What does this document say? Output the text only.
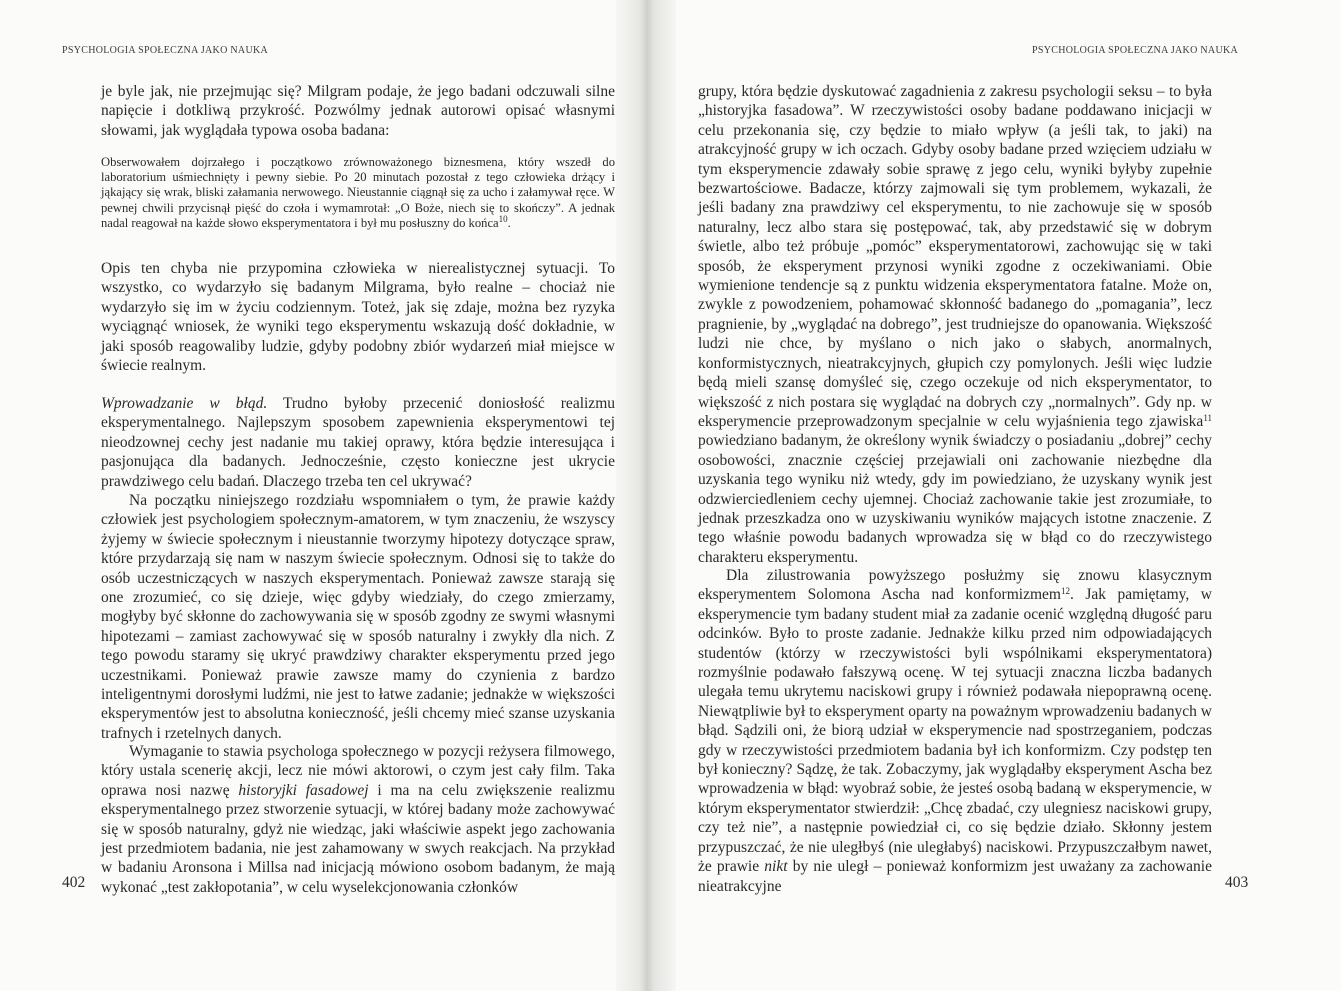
PSYCHOLOGIA SPOŁECZNA JAKO NAUKA

je byle jak, nie przejmując się? Milgram podaje, że jego badani odczuwali silne napięcie i dotkliwą przykrość. Pozwólmy jednak autorowi opisać własnymi słowami, jak wyglądała typowa osoba badana:

Obserwowałem dojrzałego i początkowo zrównoważonego biznesmena, który wszedł do laboratorium uśmiechnięty i pewny siebie. Po 20 minutach pozostał z tego człowieka drżący i jąkający się wrak, bliski załamania nerwowego. Nieustannie ciągnął się za ucho i załamywał ręce. W pewnej chwili przycisnął pięść do czoła i wymamrotał: „O Boże, niech się to skończy”. A jednak nadal reagował na każde słowo eksperymentatora i był mu posłuszny do końca$^{10}$.

Opis ten chyba nie przypomina człowieka w nierealistycznej sytuacji. To wszystko, co wydarzyło się badanym Milgrama, było realne – chociaż nie wydarzyło się im w życiu codziennym. Toteż, jak się zdaje, można bez ryzyka wyciągnąć wniosek, że wyniki tego eksperymentu wskazują dość dokładnie, w jaki sposób reagowaliby ludzie, gdyby podobny zbiór wydarzeń miał miejsce w świecie realnym.

Wprowadzanie w błąd. Trudno byłoby przecenić doniosłość realizmu eksperymentalnego. Najlepszym sposobem zapewnienia eksperymentowi tej nieodzownej cechy jest nadanie mu takiej oprawy, która będzie interesująca i pasjonująca dla badanych. Jednocześnie, często konieczne jest ukrycie prawdziwego celu badań. Dlaczego trzeba ten cel ukrywać?

Na początku niniejszego rozdziału wspomniałem o tym, że prawie każdy człowiek jest psychologiem społecznym-amatorem, w tym znaczeniu, że wszyscy żyjemy w świecie społecznym i nieustannie tworzymy hipotezy dotyczące spraw, które przydarzają się nam w naszym świecie społecznym. Odnosi się to także do osób uczestniczących w naszych eksperymentach. Ponieważ zawsze starają się one zrozumieć, co się dzieje, więc gdyby wiedziały, do czego zmierzamy, mogłyby być skłonne do zachowywania się w sposób zgodny ze swymi własnymi hipotezami – zamiast zachowywać się w sposób naturalny i zwykły dla nich. Z tego powodu staramy się ukryć prawdziwy charakter eksperymentu przed jego uczestnikami. Ponieważ prawie zawsze mamy do czynienia z bardzo inteligentnymi dorosłymi ludźmi, nie jest to łatwe zadanie; jednakże w większości eksperymentów jest to absolutna konieczność, jeśli chcemy mieć szanse uzyskania trafnych i rzetelnych danych.

Wymaganie to stawia psychologa społecznego w pozycji reżysera filmowego, który ustala scenerię akcji, lecz nie mówi aktorowi, o czym jest cały film. Taka oprawa nosi nazwę historyjki fasadowej i ma na celu zwiększenie realizmu eksperymentalnego przez stworzenie sytuacji, w której badany może zachowywać się w sposób naturalny, gdyż nie wiedząc, jaki właściwie aspekt jego zachowania jest przedmiotem badania, nie jest zahamowany w swych reakcjach. Na przykład w badaniu Aronsona i Millsa nad inicjacją mówiono osobom badanym, że mają wykonać „test zakłopotania”, w celu wyselekcjonowania członków

402
PSYCHOLOGIA SPOŁECZNA JAKO NAUKA

grupy, która będzie dyskutować zagadnienia z zakresu psychologii seksu – to była „historyjka fasadowa”. W rzeczywistości osoby badane poddawano inicjacji w celu przekonania się, czy będzie to miało wpływ (a jeśli tak, to jaki) na atrakcyjność grupy w ich oczach. Gdyby osoby badane przed wzięciem udziału w tym eksperymencie zdawały sobie sprawę z jego celu, wyniki byłyby zupełnie bezwartościowe. Badacze, którzy zajmowali się tym problemem, wykazali, że jeśli badany zna prawdziwy cel eksperymentu, to nie zachowuje się w sposób naturalny, lecz albo stara się postępować, tak, aby przedstawić się w dobrym świetle, albo też próbuje „pomóc” eksperymentatorowi, zachowując się w taki sposób, że eksperyment przynosi wyniki zgodne z oczekiwaniami. Obie wymienione tendencje są z punktu widzenia eksperymentatora fatalne. Może on, zwykle z powodzeniem, pohamować skłonność badanego do „pomagania”, lecz pragnienie, by „wyglądać na dobrego”, jest trudniejsze do opanowania. Większość ludzi nie chce, by myślano o nich jako o słabych, anormalnych, konformistycznych, nieatrakcyjnych, głupich czy pomylonych. Jeśli więc ludzie będą mieli szansę domyśleć się, czego oczekuje od nich eksperymentator, to większość z nich postara się wyglądać na dobrych czy „normalnych”. Gdy np. w eksperymencie przeprowadzonym specjalnie w celu wyjaśnienia tego zjawiska$^{11}$ powiedziano badanym, że określony wynik świadczy o posiadaniu „dobrej” cechy osobowości, znacznie częściej przejawiali oni zachowanie niezbędne dla uzyskania tego wyniku niż wtedy, gdy im powiedziano, że uzyskany wynik jest odzwierciedleniem cechy ujemnej. Chociaż zachowanie takie jest zrozumiałe, to jednak przeszkadza ono w uzyskiwaniu wyników mających istotne znaczenie. Z tego właśnie powodu badanych wprowadza się w błąd co do rzeczywistego charakteru eksperymentu.

Dla zilustrowania powyższego posłużmy się znowu klasycznym eksperymentem Solomona Ascha nad konformizmem$^{12}$. Jak pamiętamy, w eksperymencie tym badany student miał za zadanie ocenić względną długość paru odcinków. Było to proste zadanie. Jednakże kilku przed nim odpowiadających studentów (którzy w rzeczywistości byli wspólnikami eksperymentatora) rozmyślnie podawało fałszywą ocenę. W tej sytuacji znaczna liczba badanych ulegała temu ukrytemu naciskowi grupy i również podawała niepoprawną ocenę. Niewątpliwie był to eksperyment oparty na poważnym wprowadzeniu badanych w błąd. Sądzili oni, że biorą udział w eksperymencie nad spostrzeganiem, podczas gdy w rzeczywistości przedmiotem badania był ich konformizm. Czy podstęp ten był konieczny? Sądzę, że tak. Zobaczymy, jak wyglądałby eksperyment Ascha bez wprowadzenia w błąd: wyobraź sobie, że jesteś osobą badaną w eksperymencie, w którym eksperymentator stwierdził: „Chcę zbadać, czy ulegniesz naciskowi grupy, czy też nie”, a następnie powiedział ci, co się będzie działo. Skłonny jestem przypuszczać, że nie uległbyś (nie uległabyś) naciskowi. Przypuszczałbym nawet, że prawie nikt by nie uległ – ponieważ konformizm jest uważany za zachowanie nieatrakcyjne	403
